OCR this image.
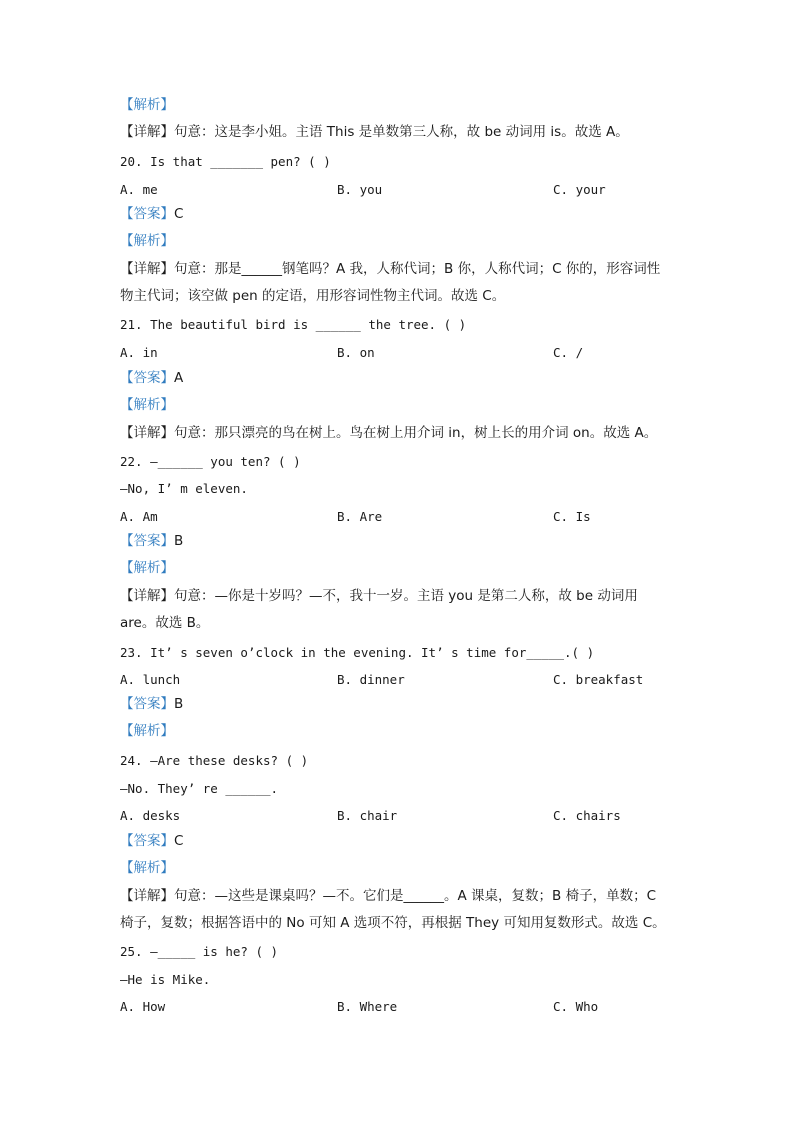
【解析】
【详解】句意：这是李小姐。主语 This 是单数第三人称，故 be 动词用 is。故选 A。
20. Is that _______ pen? ( )
A. me	B. you	C. your
【答案】C
【解析】
【详解】句意：那是______钢笔吗？A 我，人称代词；B 你，人称代词；C 你的，形容词性
物主代词；该空做 pen 的定语，用形容词性物主代词。故选 C。
21. The beautiful bird is ______ the tree. ( )
A. in	B. on	C. /
【答案】A
【解析】
【详解】句意：那只漂亮的鸟在树上。鸟在树上用介词 in，树上长的用介词 on。故选 A。
22. —______ you ten? ( )
—No, I’ m eleven.
A. Am	B. Are	C. Is
【答案】B
【解析】
【详解】句意：—你是十岁吗？—不，我十一岁。主语 you 是第二人称，故 be 动词用
are。故选 B。
23. It’ s seven o’clock in the evening. It’ s time for_____.( )
A. lunch	B. dinner	C. breakfast
【答案】B
【解析】
24. —Are these desks? ( )
—No. They’ re ______.
A. desks	B. chair	C. chairs
【答案】C
【解析】
【详解】句意：—这些是课桌吗？—不。它们是______。A 课桌，复数；B 椅子，单数；C
椅子，复数；根据答语中的 No 可知 A 选项不符，再根据 They 可知用复数形式。故选 C。
25. —_____ is he? ( )
—He is Mike.
A. How	B. Where	C. Who
